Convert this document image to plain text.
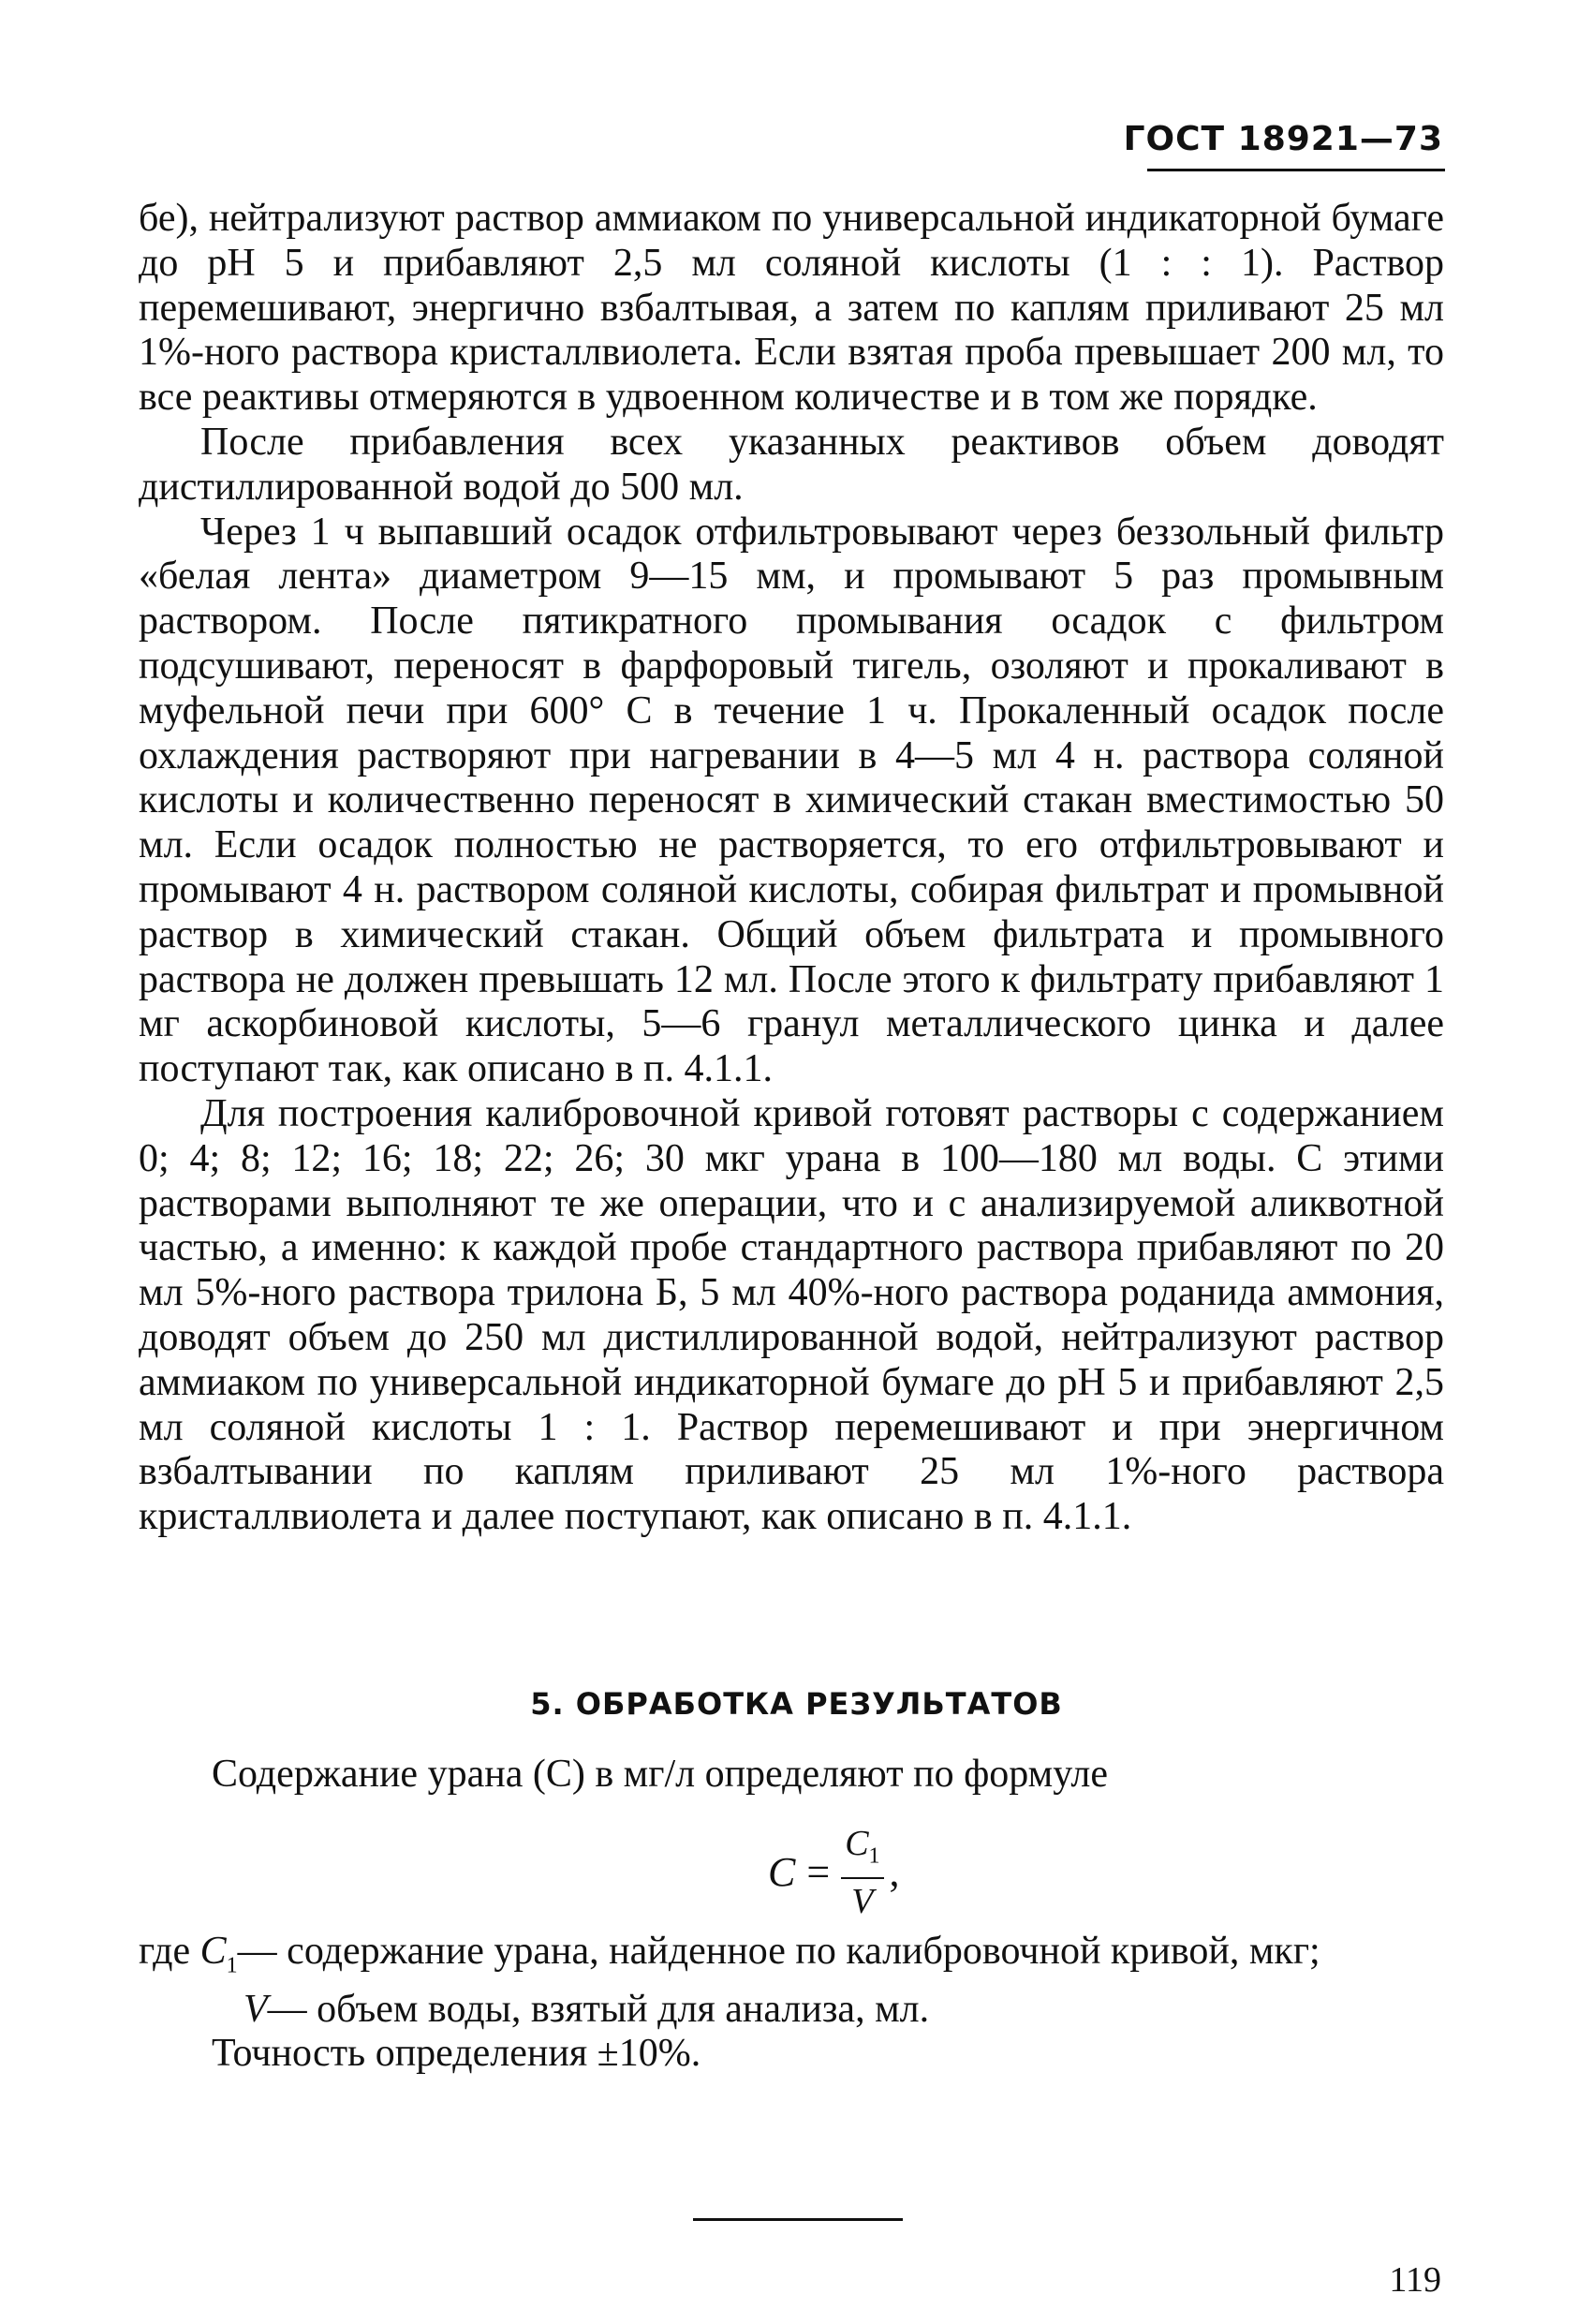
ГОСТ 18921—73

бе), нейтрализуют раствор аммиаком по универсальной индикаторной бумаге до pH 5 и прибавляют 2,5 мл соляной кислоты (1 : : 1). Раствор перемешивают, энергично взбалтывая, а затем по каплям приливают 25 мл 1%-ного раствора кристаллвиолета. Если взятая проба превышает 200 мл, то все реактивы отмеряются в удвоенном количестве и в том же порядке.

После прибавления всех указанных реактивов объем доводят дистиллированной водой до 500 мл.

Через 1 ч выпавший осадок отфильтровывают через беззольный фильтр «белая лента» диаметром 9—15 мм, и промывают 5 раз промывным раствором. После пятикратного промывания осадок с фильтром подсушивают, переносят в фарфоровый тигель, озоляют и прокаливают в муфельной печи при 600° С в течение 1 ч. Прокаленный осадок после охлаждения растворяют при нагревании в 4—5 мл 4 н. раствора соляной кислоты и количественно переносят в химический стакан вместимостью 50 мл. Если осадок полностью не растворяется, то его отфильтровывают и промывают 4 н. раствором соляной кислоты, собирая фильтрат и промывной раствор в химический стакан. Общий объем фильтрата и промывного раствора не должен превышать 12 мл. После этого к фильтрату прибавляют 1 мг аскорбиновой кислоты, 5—6 гранул металлического цинка и далее поступают так, как описано в п. 4.1.1.

Для построения калибровочной кривой готовят растворы с содержанием 0; 4; 8; 12; 16; 18; 22; 26; 30 мкг урана в 100—180 мл воды. С этими растворами выполняют те же операции, что и с анализируемой аликвотной частью, а именно: к каждой пробе стандартного раствора прибавляют по 20 мл 5%-ного раствора трилона Б, 5 мл 40%-ного раствора роданида аммония, доводят объем до 250 мл дистиллированной водой, нейтрализуют раствор аммиаком по универсальной индикаторной бумаге до pH 5 и прибавляют 2,5 мл соляной кислоты 1 : 1. Раствор перемешивают и при энергичном взбалтывании по каплям приливают 25 мл 1%-ного раствора кристаллвиолета и далее поступают, как описано в п. 4.1.1.

5. ОБРАБОТКА РЕЗУЛЬТАТОВ
Содержание урана (C) в мг/л определяют по формуле
$C = \frac{C_1}{V}$ ,
где $C_1—$ содержание урана, найденное по калибровочной кривой, мкг;
V — объем воды, взятый для анализа, мл.
Точность определения ±10%.
119
